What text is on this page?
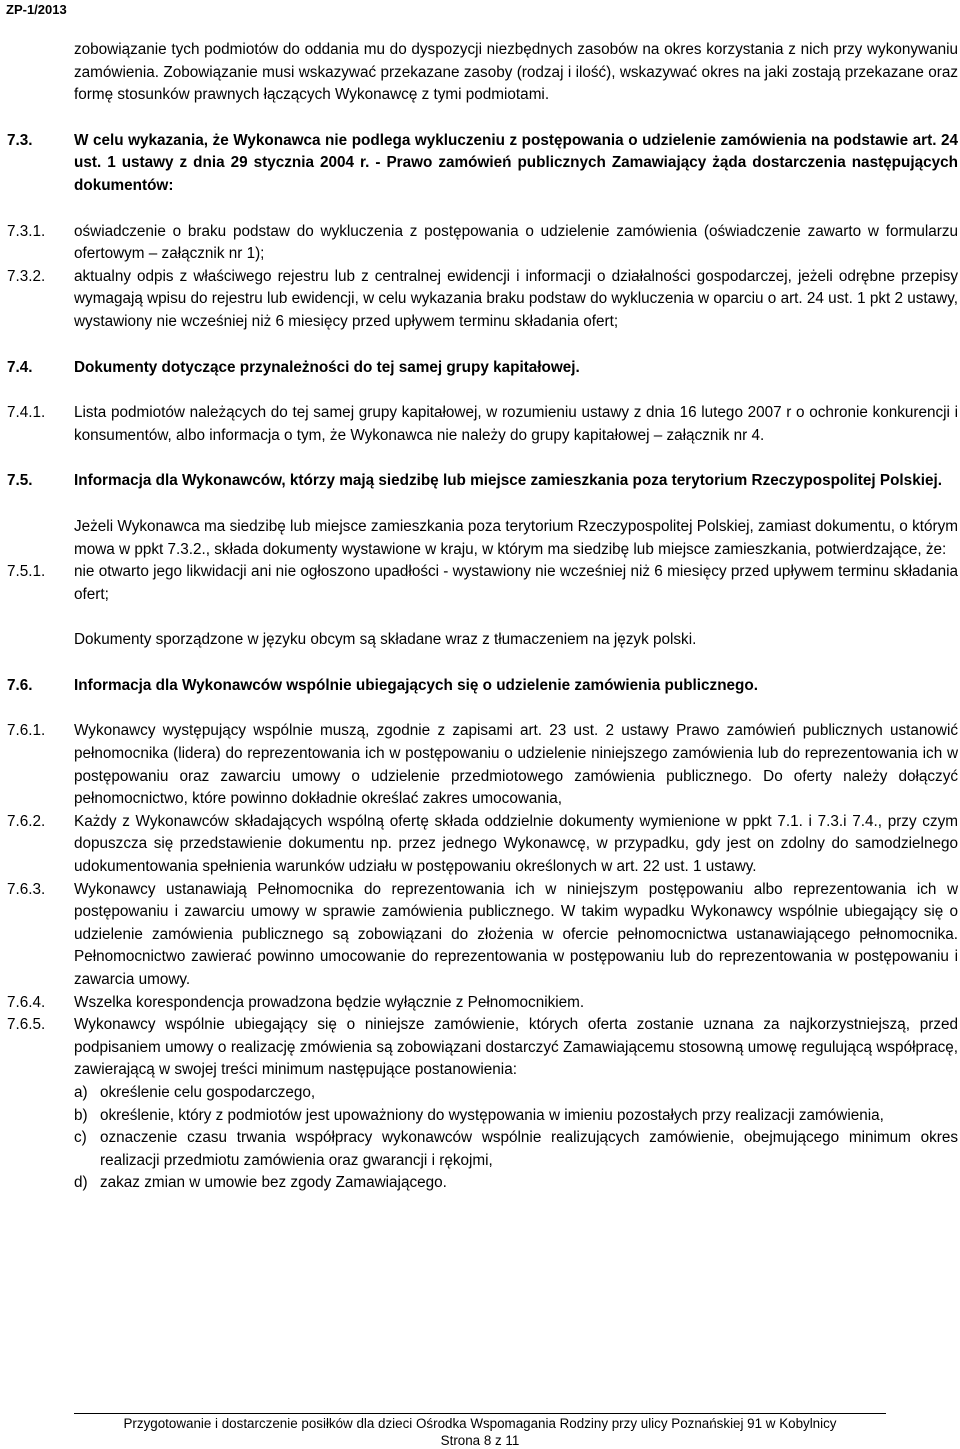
ZP-1/2013
zobowiązanie tych podmiotów do oddania mu do dyspozycji niezbędnych zasobów na okres korzystania z nich przy wykonywaniu zamówienia. Zobowiązanie musi wskazywać przekazane zasoby (rodzaj i ilość), wskazywać okres na jaki zostają przekazane oraz formę stosunków prawnych łączących Wykonawcę z tymi podmiotami.
7.3.	W celu wykazania, że Wykonawca nie podlega wykluczeniu z postępowania o udzielenie zamówienia na podstawie art. 24 ust. 1 ustawy z dnia 29 stycznia 2004 r. - Prawo zamówień publicznych Zamawiający żąda dostarczenia następujących dokumentów:
7.3.1.	oświadczenie o braku podstaw do wykluczenia z postępowania o udzielenie zamówienia (oświadczenie zawarto w formularzu ofertowym – załącznik nr 1);
7.3.2.	aktualny odpis z właściwego rejestru lub z centralnej ewidencji i informacji o działalności gospodarczej, jeżeli odrębne przepisy wymagają wpisu do rejestru lub ewidencji, w celu wykazania braku podstaw do wykluczenia w oparciu o art. 24 ust. 1 pkt 2 ustawy, wystawiony nie wcześniej niż 6 miesięcy przed upływem terminu składania ofert;
7.4.	Dokumenty dotyczące przynależności do tej samej grupy kapitałowej.
7.4.1.	Lista podmiotów należących do tej samej grupy kapitałowej, w rozumieniu ustawy z dnia 16 lutego 2007 r o ochronie konkurencji i konsumentów, albo informacja o tym, że Wykonawca nie należy do grupy kapitałowej – załącznik nr 4.
7.5.	Informacja dla Wykonawców, którzy mają siedzibę lub miejsce zamieszkania poza terytorium Rzeczypospolitej Polskiej.
Jeżeli Wykonawca ma siedzibę lub miejsce zamieszkania poza terytorium Rzeczypospolitej Polskiej, zamiast dokumentu, o którym mowa w ppkt 7.3.2., składa dokumenty wystawione w kraju, w którym ma siedzibę lub miejsce zamieszkania, potwierdzające, że:
7.5.1.	nie otwarto jego likwidacji ani nie ogłoszono upadłości - wystawiony nie wcześniej niż 6 miesięcy przed upływem terminu składania ofert;
Dokumenty sporządzone w języku obcym są składane wraz z tłumaczeniem na język polski.
7.6.	Informacja dla Wykonawców wspólnie ubiegających się o udzielenie zamówienia publicznego.
7.6.1.	Wykonawcy występujący wspólnie muszą, zgodnie z zapisami art. 23 ust. 2 ustawy Prawo zamówień publicznych ustanowić pełnomocnika (lidera) do reprezentowania ich w postępowaniu o udzielenie niniejszego zamówienia lub do reprezentowania ich w postępowaniu oraz zawarciu umowy o udzielenie przedmiotowego zamówienia publicznego. Do oferty należy dołączyć pełnomocnictwo, które powinno dokładnie określać zakres umocowania,
7.6.2.	Każdy z Wykonawców składających wspólną ofertę składa oddzielnie dokumenty wymienione w ppkt 7.1. i 7.3.i 7.4., przy czym dopuszcza się przedstawienie dokumentu np. przez jednego Wykonawcę, w przypadku, gdy jest on zdolny do samodzielnego udokumentowania spełnienia warunków udziału w postępowaniu określonych w art. 22 ust. 1 ustawy.
7.6.3.	Wykonawcy ustanawiają Pełnomocnika do reprezentowania ich w niniejszym postępowaniu albo reprezentowania ich w postępowaniu i zawarciu umowy w sprawie zamówienia publicznego. W takim wypadku Wykonawcy wspólnie ubiegający się o udzielenie zamówienia publicznego są zobowiązani do złożenia w ofercie pełnomocnictwa ustanawiającego pełnomocnika. Pełnomocnictwo zawierać powinno umocowanie do reprezentowania w postępowaniu lub do reprezentowania w postępowaniu i zawarcia umowy.
7.6.4.	Wszelka korespondencja prowadzona będzie wyłącznie z Pełnomocnikiem.
7.6.5.	Wykonawcy wspólnie ubiegający się o niniejsze zamówienie, których oferta zostanie uznana za najkorzystniejszą, przed podpisaniem umowy o realizację zmówienia są zobowiązani dostarczyć Zamawiającemu stosowną umowę regulującą współpracę, zawierającą w swojej treści minimum następujące postanowienia:
a) określenie celu gospodarczego,
b) określenie, który z podmiotów jest upoważniony do występowania w imieniu pozostałych przy realizacji zamówienia,
c) oznaczenie czasu trwania współpracy wykonawców wspólnie realizujących zamówienie, obejmującego minimum okres realizacji przedmiotu zamówienia oraz gwarancji i rękojmi,
d) zakaz zmian w umowie bez zgody Zamawiającego.
Przygotowanie i dostarczenie posiłków dla dzieci Ośrodka Wspomagania Rodziny przy ulicy Poznańskiej 91 w Kobylnicy
Strona 8 z 11
